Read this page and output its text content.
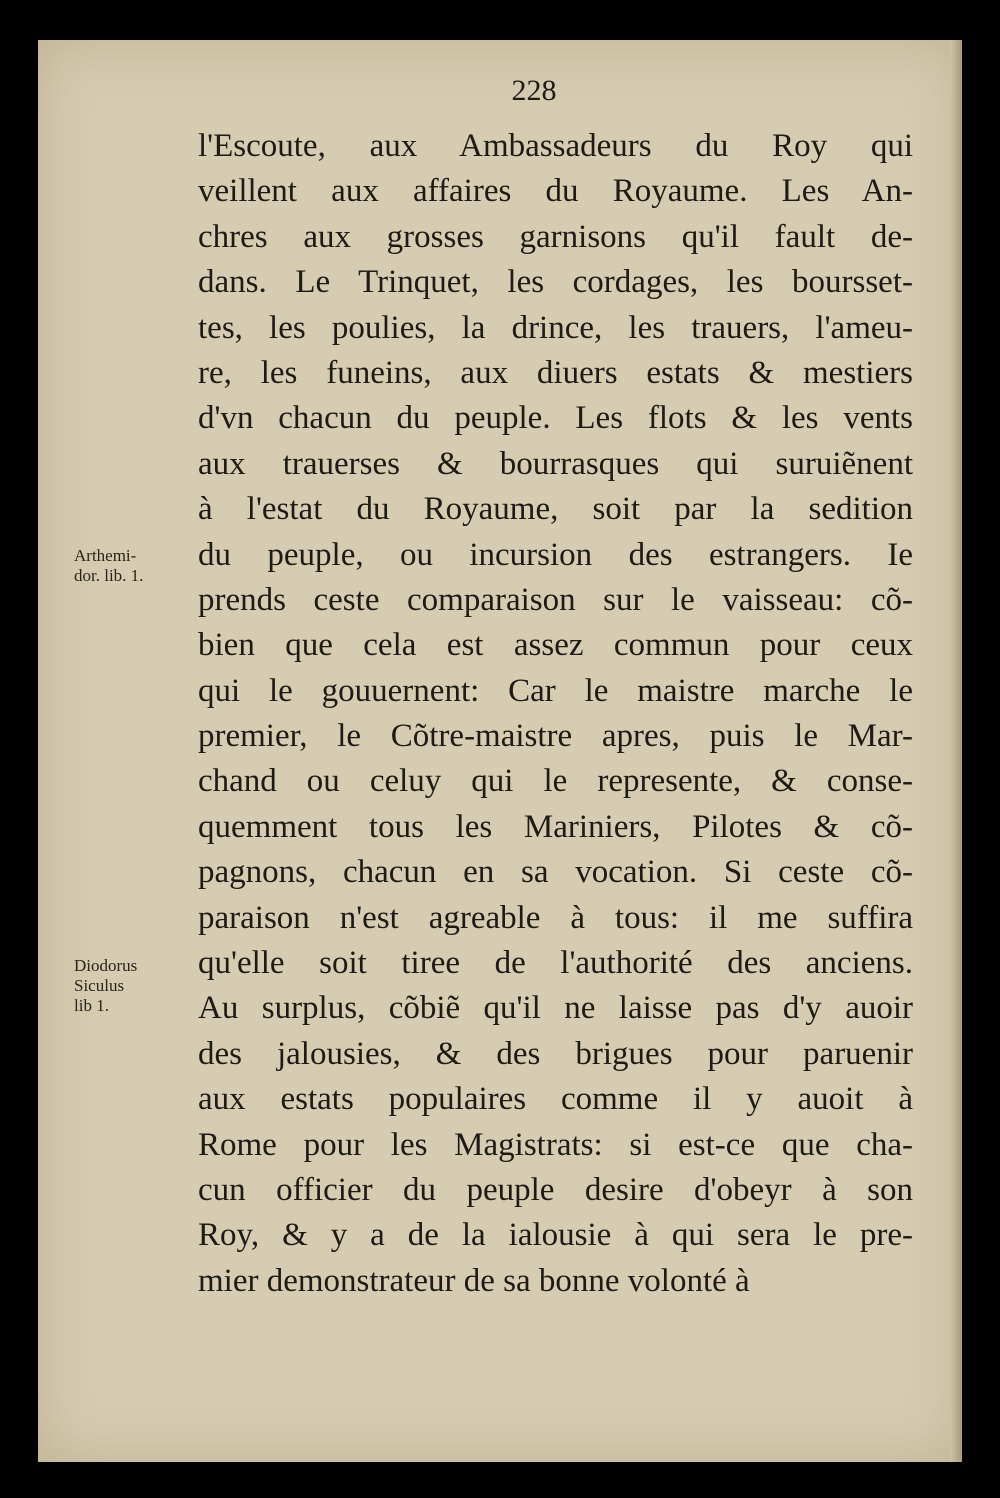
228
l'Escoute, aux Ambassadeurs du Roy qui
veillent aux affaires du Royaume. Les An-
chres aux grosses garnisons qu'il fault de-
dans. Le Trinquet, les cordages, les boursset-
tes, les poulies, la drince, les trauers, l'ameu-
re, les funeins, aux diuers estats & mestiers
d'vn chacun du peuple. Les flots & les vents
aux trauerses & bourrasques qui suruiẽnent
à l'estat du Royaume, soit par la sedition
du peuple, ou incursion des estrangers. Ie
prends ceste comparaison sur le vaisseau: cõ-
bien que cela est assez commun pour ceux
qui le gouuernent: Car le maistre marche le
premier, le Cõtre-maistre apres, puis le Mar-
chand ou celuy qui le represente, & conse-
quemment tous les Mariniers, Pilotes & cõ-
pagnons, chacun en sa vocation. Si ceste cõ-
paraison n'est agreable à tous: il me suffira
qu'elle soit tiree de l'authorité des anciens.
Au surplus, cõbiẽ qu'il ne laisse pas d'y auoir
des jalousies, & des brigues pour paruenir
aux estats populaires comme il y auoit à
Rome pour les Magistrats: si est-ce que cha-
cun officier du peuple desire d'obeyr à son
Roy, & y a de la ialousie à qui sera le pre-
mier demonstrateur de sa bonne volonté à
Arthemi-
dor. lib. 1.
Diodorus
Siculus
lib 1.
